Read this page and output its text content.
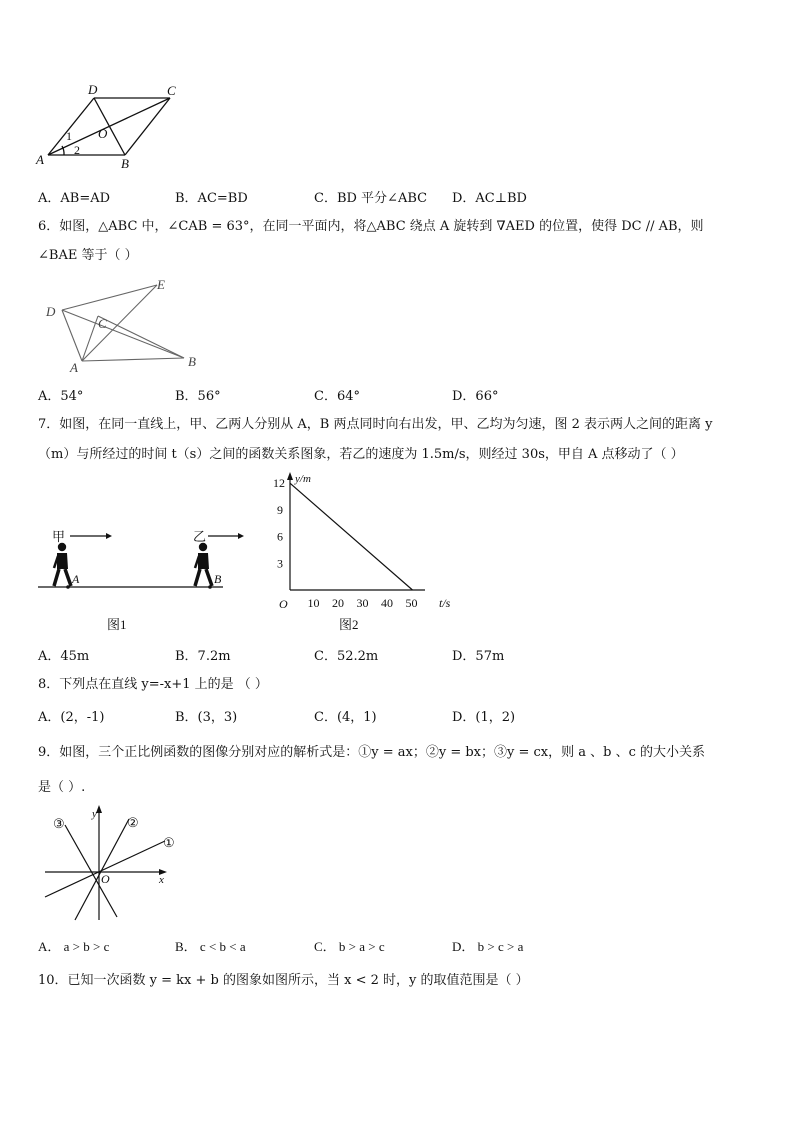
D	C
O
A	B
1
2
A．AB=AD	B．AC=BD	C．BD 平分∠ABC D．AC⊥BD
6．如图，△ABC 中，∠CAB = 63°，在同一平面内，将△ABC 绕点 A 旋转到 ∇AED 的位置，使得 DC // AB，则
∠BAE 等于（ ）
D
E
C
A	B
A．54°	B．56°	C．64°	D．66°
7．如图，在同一直线上，甲、乙两人分别从 A，B 两点同时向右出发，甲、乙均为匀速，图 2 表示两人之间的距离 y
（m）与所经过的时间 t（s）之间的函数关系图象，若乙的速度为 1.5m/s，则经过 30s，甲自 A 点移动了（ ）
甲	乙
A	B
图1
y/m
t/s
O
图2
3
6
9
12
10 20 30 40 50
A．45m	B．7.2m	C．52.2m	D．57m
8．下列点在直线 y=-x+1 上的是 （ ）
A．(2，-1)	B．(3，3)	C．(4，1)	D．(1，2)
9．如图，三个正比例函数的图像分别对应的解析式是：①y = ax；②y = bx；③y = cx，则 a 、b 、c 的大小关系
是（ ）.
①
②
③
y
x
O
A． a > b > c	B． c < b < a	C． b > a > c	D． b > c > a
10．已知一次函数 y = kx + b 的图象如图所示，当 x < 2 时，y 的取值范围是（ ）
